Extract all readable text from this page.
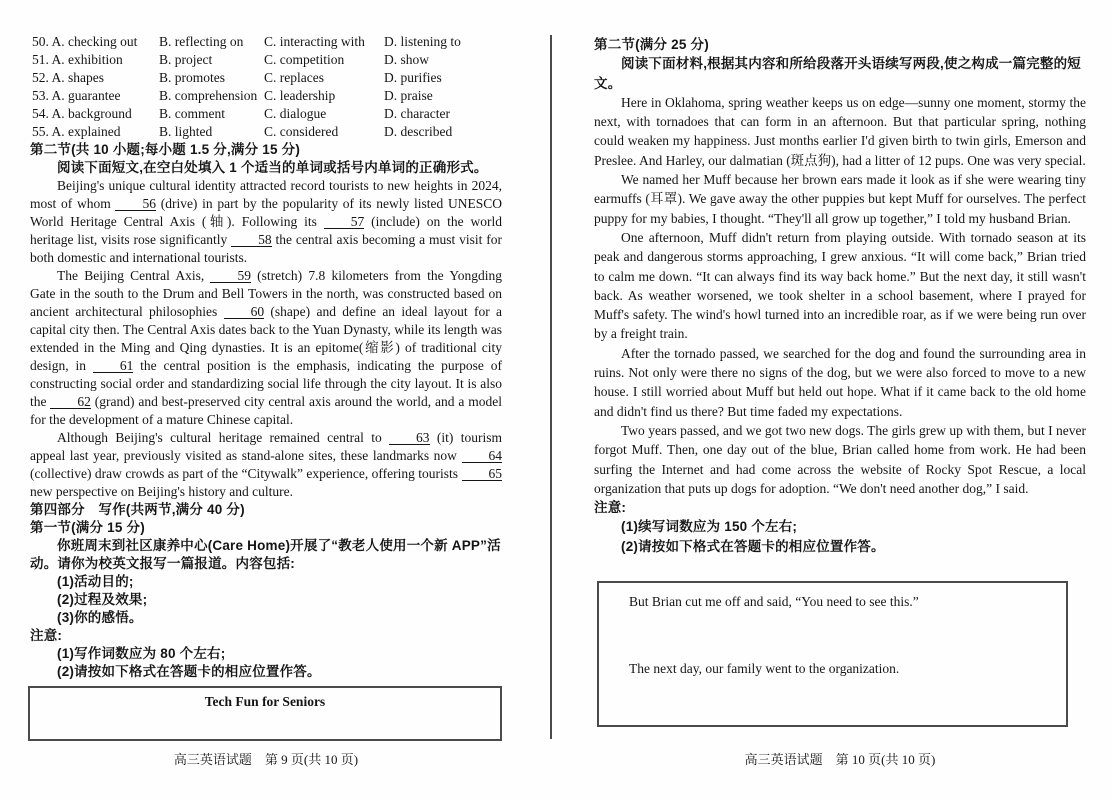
50. A. checking out	B. reflecting on	C. interacting with	D. listening to
51. A. exhibition	B. project	C. competition	D. show
52. A. shapes	B. promotes	C. replaces	D. purifies
53. A. guarantee	B. comprehension C. leadership	D. praise
54. A. background	B. comment	C. dialogue	D. character
55. A. explained	B. lighted	C. considered	D. described
第二节(共 10 小题;每小题 1.5 分,满分 15 分)

阅读下面短文,在空白处填入 1 个适当的单词或括号内单词的正确形式。

Beijing's unique cultural identity attracted record tourists to new heights in 2024, most of whom 56 (drive) in part by the popularity of its newly listed UNESCO World Heritage Central Axis (轴). Following its 57 (include) on the world heritage list, visits rose significantly 58 the central axis becoming a must visit for both domestic and international tourists.

The Beijing Central Axis, 59 (stretch) 7.8 kilometers from the Yongding Gate in the south to the Drum and Bell Towers in the north, was constructed based on ancient architectural philosophies 60 (shape) and define an ideal layout for a capital city then. The Central Axis dates back to the Yuan Dynasty, while its length was extended in the Ming and Qing dynasties. It is an epitome(缩影) of traditional city design, in 61 the central position is the emphasis, indicating the purpose of constructing social order and standardizing social life through the city layout. It is also the 62 (grand) and best-preserved city central axis around the world, and a model for the development of a mature Chinese capital.

Although Beijing's cultural heritage remained central to 63 (it) tourism appeal last year, previously visited as stand-alone sites, these landmarks now 64 (collective) draw crowds as part of the “Citywalk” experience, offering tourists 65 new perspective on Beijing's history and culture.

第四部分　写作(共两节,满分 40 分)
第一节(满分 15 分)

你班周末到社区康养中心(Care Home)开展了“教老人使用一个新 APP”活动。请你为校英文报写一篇报道。内容包括:

(1)活动目的;

(2)过程及效果;

(3)你的感悟。

注意:

(1)写作词数应为 80 个左右;

(2)请按如下格式在答题卡的相应位置作答。

第二节(满分 25 分)

阅读下面材料,根据其内容和所给段落开头语续写两段,使之构成一篇完整的短文。

Here in Oklahoma, spring weather keeps us on edge—sunny one moment, stormy the next, with tornadoes that can form in an afternoon. But that particular spring, nothing could weaken my happiness. Just months earlier I'd given birth to twin girls, Emerson and Preslee. And Harley, our dalmatian (斑点狗), had a litter of 12 pups. One was very special.

We named her Muff because her brown ears made it look as if she were wearing tiny earmuffs (耳罩). We gave away the other puppies but kept Muff for ourselves. The perfect puppy for my babies, I thought. “They'll all grow up together,” I told my husband Brian.

One afternoon, Muff didn't return from playing outside. With tornado season at its peak and dangerous storms approaching, I grew anxious. “It will come back,” Brian tried to calm me down. “It can always find its way back home.” But the next day, it still wasn't back. As weather worsened, we took shelter in a school basement, where I prayed for Muff's safety. The wind's howl turned into an incredible roar, as if we were being run over by a freight train.

After the tornado passed, we searched for the dog and found the surrounding area in ruins. Not only were there no signs of the dog, but we were also forced to move to a new house. I still worried about Muff but held out hope. What if it came back to the old home and didn't find us there? But time faded my expectations.

Two years passed, and we got two new dogs. The girls grew up with them, but I never forgot Muff. Then, one day out of the blue, Brian called home from work. He had been surfing the Internet and had come across the website of Rocky Spot Rescue, a local organization that puts up dogs for adoption. “We don't need another dog,” I said.

注意:

(1)续写词数应为 150 个左右;

(2)请按如下格式在答题卡的相应位置作答。

Tech Fun for Seniors

But Brian cut me off and said, “You need to see this.”

The next day, our family went to the organization.

高三英语试题　第 9 页(共 10 页)	高三英语试题　第 10 页(共 10 页)
